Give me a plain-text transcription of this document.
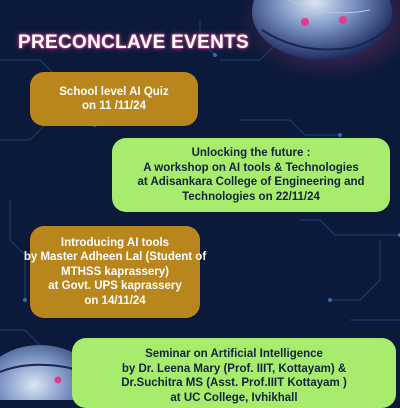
PRECONCLAVE EVENTS
School level AI Quiz
on 11 /11/24
Unlocking the future :
A workshop on AI tools & Technologies
at Adisankara College of Engineering and
Technologies on 22/11/24
Introducing AI tools
by Master Adheen Lal (Student of
MTHSS kaprassery)
at Govt. UPS kaprassery
on 14/11/24
Seminar on Artificial Intelligence
by Dr. Leena Mary (Prof. IIIT, Kottayam) &
Dr.Suchitra MS (Asst. Prof.IIIT Kottayam )
at UC College, Ivhikhall
